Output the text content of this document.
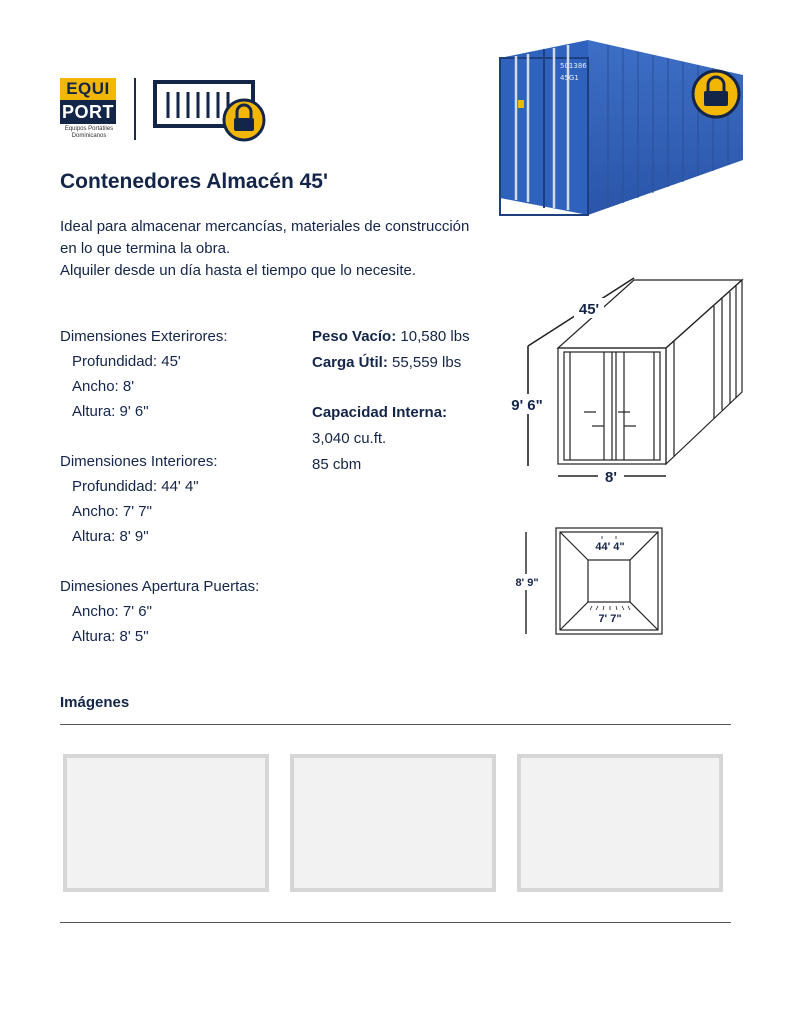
EQUI
PORT
Equipos Portátiles
Dominicanos
501386
45G1
Contenedores Almacén 45'
Ideal para almacenar mercancías, materiales de construcción
en lo que termina la obra.
Alquiler desde un día hasta el tiempo que lo necesite.
Dimensiones Exterirores:
Profundidad: 45'
Ancho: 8'
Altura: 9' 6"
Dimensiones Interiores:
Profundidad: 44' 4"
Ancho: 7' 7"
Altura: 8' 9"
Dimesiones Apertura Puertas:
Ancho: 7' 6"
Altura: 8' 5"
Peso Vacío: 10,580 lbs
Carga Útil: 55,559 lbs
Capacidad Interna:
3,040 cu.ft.
85 cbm
45'
9' 6"
8'
8' 9"
44' 4"
7' 7"
Imágenes
